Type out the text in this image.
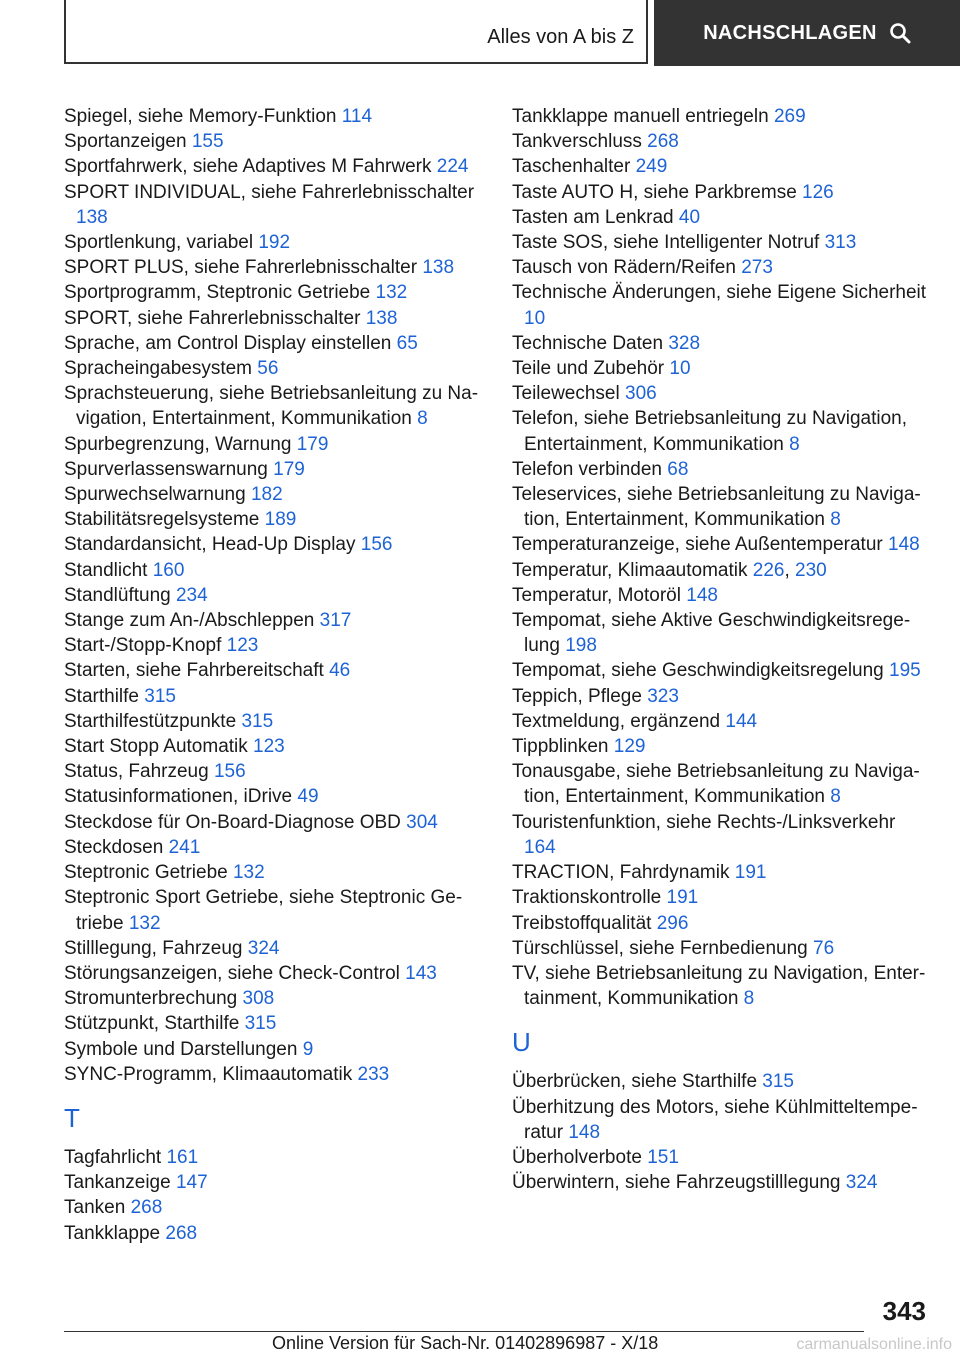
Alles von A bis Z	NACHSCHLAGEN
Spiegel, siehe Memory-Funktion 114
Sportanzeigen 155
Sportfahrwerk, siehe Adaptives M Fahrwerk 224
SPORT INDIVIDUAL, siehe Fahrerlebnisschalter 138
Sportlenkung, variabel 192
SPORT PLUS, siehe Fahrerlebnisschalter 138
Sportprogramm, Steptronic Getriebe 132
SPORT, siehe Fahrerlebnisschalter 138
Sprache, am Control Display einstellen 65
Spracheingabesystem 56
Sprachsteuerung, siehe Betriebsanleitung zu Navigation, Entertainment, Kommunikation 8
Spurbegrenzung, Warnung 179
Spurverlassenswarnung 179
Spurwechselwarnung 182
Stabilitätsregelsysteme 189
Standardansicht, Head-Up Display 156
Standlicht 160
Standlüftung 234
Stange zum An-/Abschleppen 317
Start-/Stopp-Knopf 123
Starten, siehe Fahrbereitschaft 46
Starthilfe 315
Starthilfestützpunkte 315
Start Stopp Automatik 123
Status, Fahrzeug 156
Statusinformationen, iDrive 49
Steckdose für On-Board-Diagnose OBD 304
Steckdosen 241
Steptronic Getriebe 132
Steptronic Sport Getriebe, siehe Steptronic Getriebe 132
Stilllegung, Fahrzeug 324
Störungsanzeigen, siehe Check-Control 143
Stromunterbrechung 308
Stützpunkt, Starthilfe 315
Symbole und Darstellungen 9
SYNC-Programm, Klimaautomatik 233
T
Tagfahrlicht 161
Tankanzeige 147
Tanken 268
Tankklappe 268
Tankklappe manuell entriegeln 269
Tankverschluss 268
Taschenhalter 249
Taste AUTO H, siehe Parkbremse 126
Tasten am Lenkrad 40
Taste SOS, siehe Intelligenter Notruf 313
Tausch von Rädern/Reifen 273
Technische Änderungen, siehe Eigene Sicherheit 10
Technische Daten 328
Teile und Zubehör 10
Teilewechsel 306
Telefon, siehe Betriebsanleitung zu Navigation, Entertainment, Kommunikation 8
Telefon verbinden 68
Teleservices, siehe Betriebsanleitung zu Navigation, Entertainment, Kommunikation 8
Temperaturanzeige, siehe Außentemperatur 148
Temperatur, Klimaautomatik 226, 230
Temperatur, Motoröl 148
Tempomat, siehe Aktive Geschwindigkeitsregelung 198
Tempomat, siehe Geschwindigkeitsregelung 195
Teppich, Pflege 323
Textmeldung, ergänzend 144
Tippblinken 129
Tonausgabe, siehe Betriebsanleitung zu Navigation, Entertainment, Kommunikation 8
Touristenfunktion, siehe Rechts-/Linksverkehr 164
TRACTION, Fahrdynamik 191
Traktionskontrolle 191
Treibstoffqualität 296
Türschlüssel, siehe Fernbedienung 76
TV, siehe Betriebsanleitung zu Navigation, Entertainment, Kommunikation 8
U
Überbrücken, siehe Starthilfe 315
Überhitzung des Motors, siehe Kühlmitteltemperatur 148
Überholverbote 151
Überwintern, siehe Fahrzeugstilllegung 324
343
Online Version für Sach-Nr. 01402896987 - X/18	carmanualsonline.info
